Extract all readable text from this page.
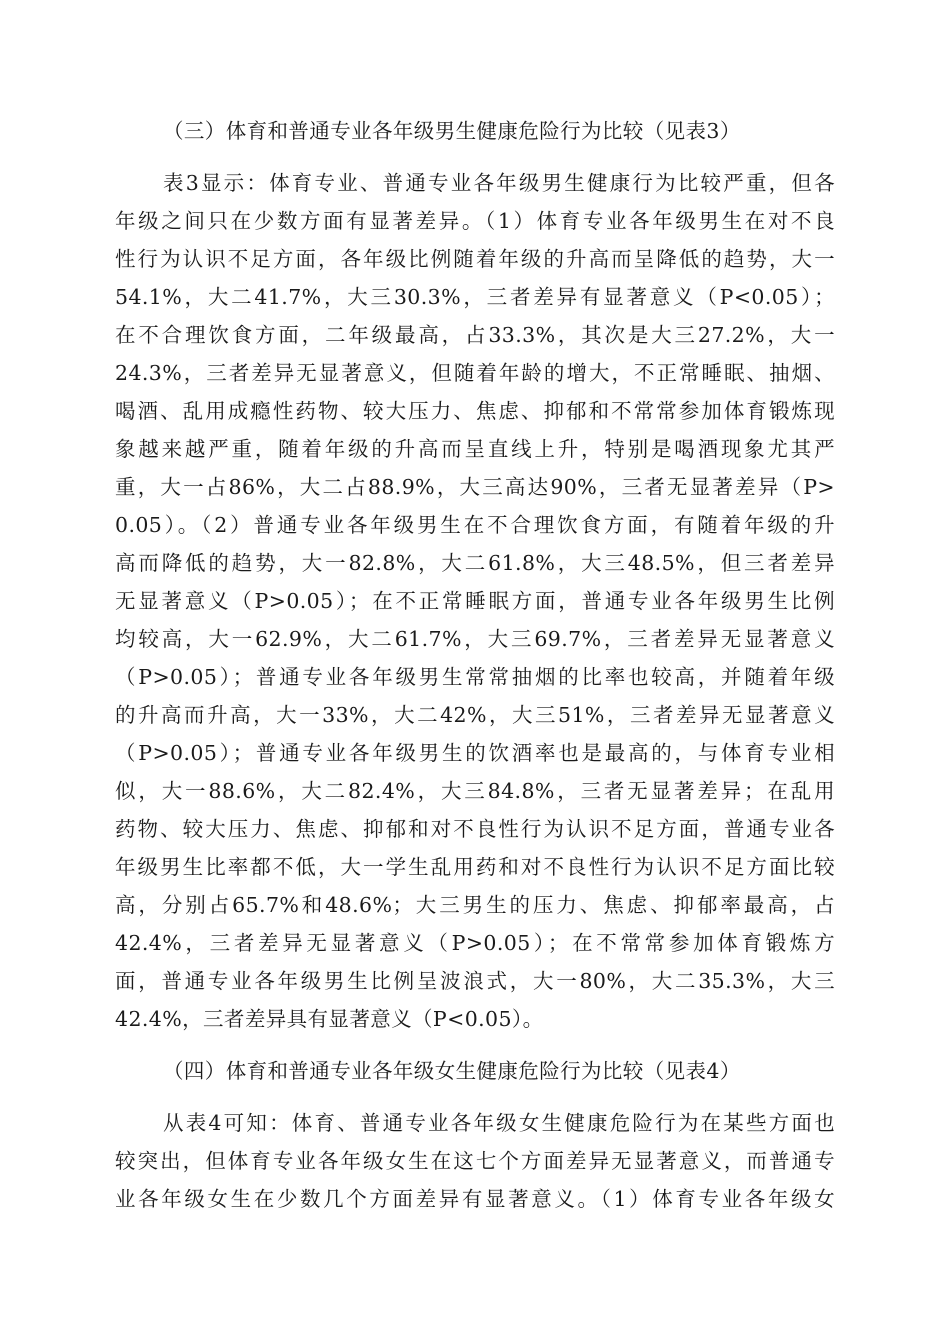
（三）体育和普通专业各年级男生健康危险行为比较（见表3）
表3显示：体育专业、普通专业各年级男生健康行为比较严重，但各
年级之间只在少数方面有显著差异。（1）体育专业各年级男生在对不良
性行为认识不足方面，各年级比例随着年级的升高而呈降低的趋势，大一
54.1%，大二41.7%，大三30.3%，三者差异有显著意义（P<0.05）；
在不合理饮食方面，二年级最高，占33.3%，其次是大三27.2%，大一
24.3%，三者差异无显著意义，但随着年龄的增大，不正常睡眠、抽烟、
喝酒、乱用成瘾性药物、较大压力、焦虑、抑郁和不常常参加体育锻炼现
象越来越严重，随着年级的升高而呈直线上升，特别是喝酒现象尤其严
重，大一占86%，大二占88.9%，大三高达90%，三者无显著差异（P>
0.05）。（2）普通专业各年级男生在不合理饮食方面，有随着年级的升
高而降低的趋势，大一82.8%，大二61.8%，大三48.5%，但三者差异
无显著意义（P>0.05）；在不正常睡眠方面，普通专业各年级男生比例
均较高，大一62.9%，大二61.7%，大三69.7%，三者差异无显著意义
（P>0.05）；普通专业各年级男生常常抽烟的比率也较高，并随着年级
的升高而升高，大一33%，大二42%，大三51%，三者差异无显著意义
（P>0.05）；普通专业各年级男生的饮酒率也是最高的，与体育专业相
似，大一88.6%，大二82.4%，大三84.8%，三者无显著差异；在乱用
药物、较大压力、焦虑、抑郁和对不良性行为认识不足方面，普通专业各
年级男生比率都不低，大一学生乱用药和对不良性行为认识不足方面比较
高，分别占65.7%和48.6%；大三男生的压力、焦虑、抑郁率最高，占
42.4%，三者差异无显著意义（P>0.05）；在不常常参加体育锻炼方
面，普通专业各年级男生比例呈波浪式，大一80%，大二35.3%，大三
42.4%，三者差异具有显著意义（P<0.05）。
（四）体育和普通专业各年级女生健康危险行为比较（见表4）
从表4可知：体育、普通专业各年级女生健康危险行为在某些方面也
较突出，但体育专业各年级女生在这七个方面差异无显著意义，而普通专
业各年级女生在少数几个方面差异有显著意义。（1）体育专业各年级女
